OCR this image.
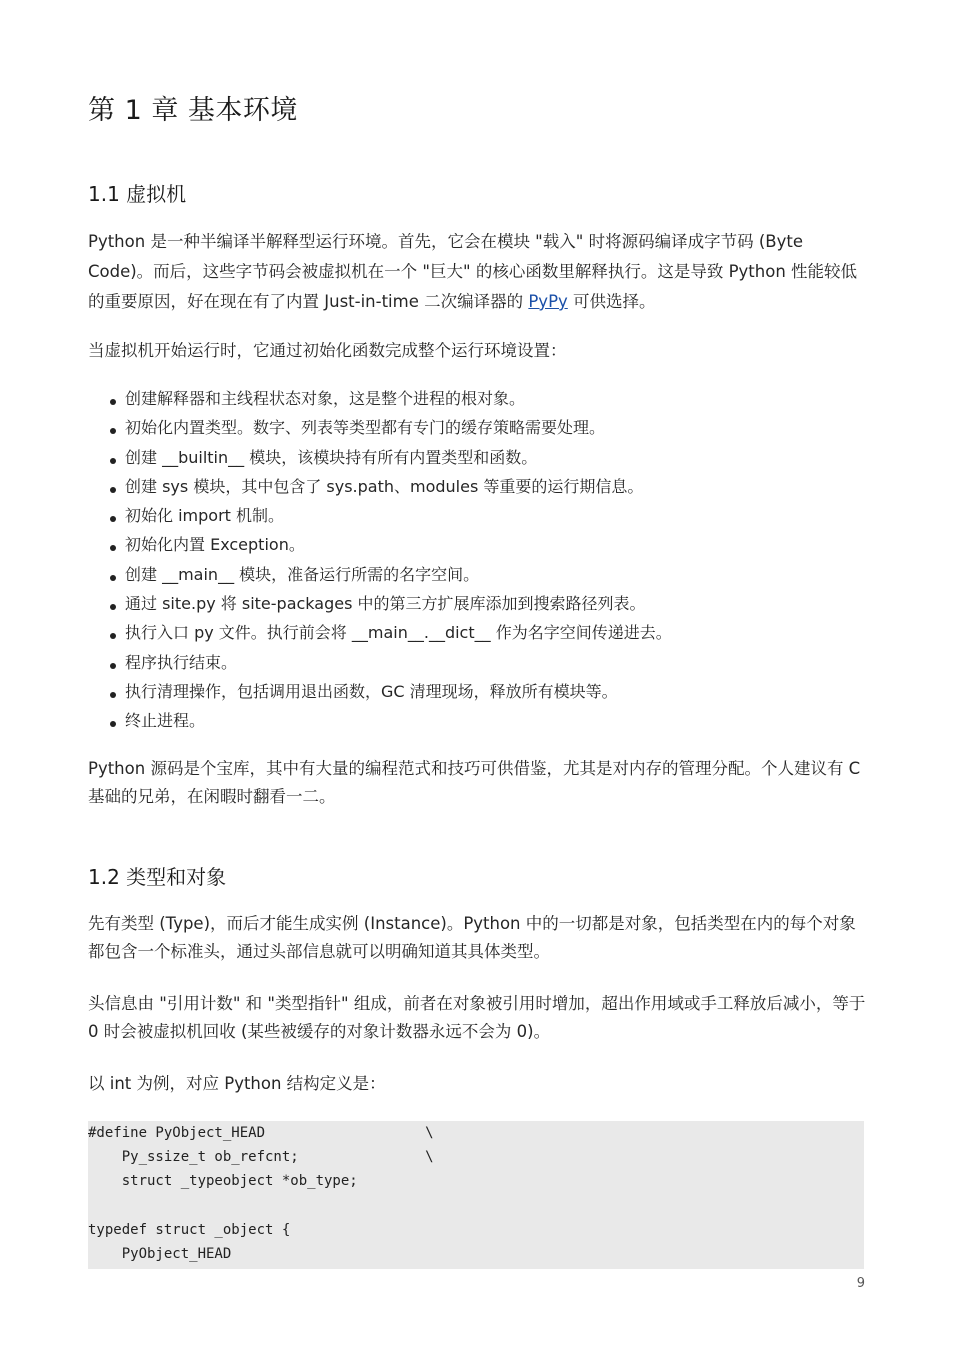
第 1 章 基本环境
1.1 虚拟机

Python 是一种半编译半解释型运行环境。首先，它会在模块 "载入" 时将源码编译成字节码 (Byte Code)。而后，这些字节码会被虚拟机在一个 "巨大" 的核心函数里解释执行。这是导致 Python 性能较低的重要原因，好在现在有了内置 Just-in-time 二次编译器的 PyPy 可供选择。

当虚拟机开始运行时，它通过初始化函数完成整个运行环境设置：

创建解释器和主线程状态对象，这是整个进程的根对象。
初始化内置类型。数字、列表等类型都有专门的缓存策略需要处理。
创建 __builtin__ 模块，该模块持有所有内置类型和函数。
创建 sys 模块，其中包含了 sys.path、modules 等重要的运行期信息。
初始化 import 机制。
初始化内置 Exception。
创建 __main__ 模块，准备运行所需的名字空间。
通过 site.py 将 site-packages 中的第三方扩展库添加到搜索路径列表。
执行入口 py 文件。执行前会将 __main__.__dict__ 作为名字空间传递进去。
程序执行结束。
执行清理操作，包括调用退出函数，GC 清理现场，释放所有模块等。
终止进程。

Python 源码是个宝库，其中有大量的编程范式和技巧可供借鉴，尤其是对内存的管理分配。个人建议有 C 基础的兄弟，在闲暇时翻看一二。

1.2 类型和对象

先有类型 (Type)，而后才能生成实例 (Instance)。Python 中的一切都是对象，包括类型在内的每个对象都包含一个标准头，通过头部信息就可以明确知道其具体类型。

头信息由 "引用计数" 和 "类型指针" 组成，前者在对象被引用时增加，超出作用域或手工释放后减小，等于 0 时会被虚拟机回收 (某些被缓存的对象计数器永远不会为 0)。

以 int 为例，对应 Python 结构定义是：

#define PyObject_HEAD                   \
Py_ssize_t ob_refcnt;               \
struct _typeobject *ob_type;
typedef struct _object {
PyObject_HEAD
9
